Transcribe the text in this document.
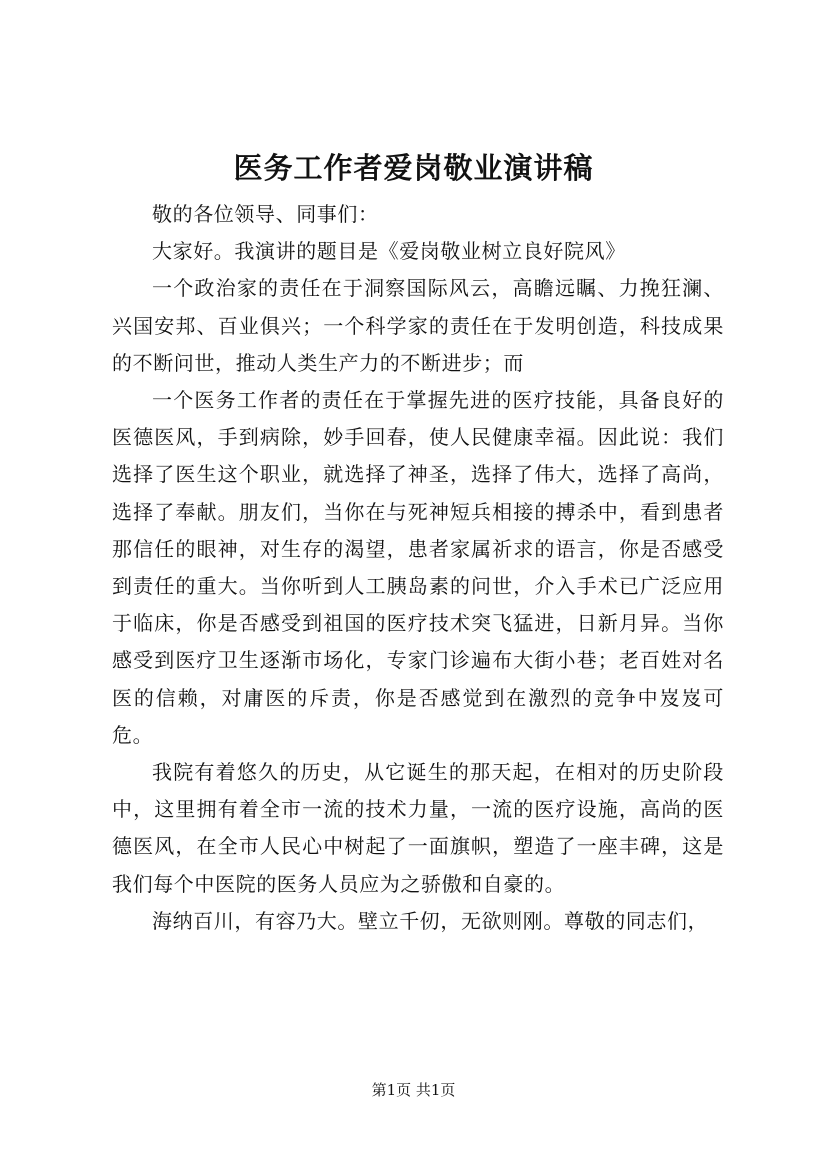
医务工作者爱岗敬业演讲稿

敬的各位领导、同事们：

大家好。我演讲的题目是《爱岗敬业树立良好院风》

一个政治家的责任在于洞察国际风云，高瞻远瞩、力挽狂澜、兴国安邦、百业俱兴；一个科学家的责任在于发明创造，科技成果的不断问世，推动人类生产力的不断进步；而

一个医务工作者的责任在于掌握先进的医疗技能，具备良好的医德医风，手到病除，妙手回春，使人民健康幸福。因此说：我们选择了医生这个职业，就选择了神圣，选择了伟大，选择了高尚，选择了奉献。朋友们，当你在与死神短兵相接的搏杀中，看到患者那信任的眼神，对生存的渴望，患者家属祈求的语言，你是否感受到责任的重大。当你听到人工胰岛素的问世，介入手术已广泛应用于临床，你是否感受到祖国的医疗技术突飞猛进，日新月异。当你感受到医疗卫生逐渐市场化，专家门诊遍布大街小巷；老百姓对名医的信赖，对庸医的斥责，你是否感觉到在激烈的竞争中岌岌可危。

我院有着悠久的历史，从它诞生的那天起，在相对的历史阶段中，这里拥有着全市一流的技术力量，一流的医疗设施，高尚的医德医风，在全市人民心中树起了一面旗帜，塑造了一座丰碑，这是我们每个中医院的医务人员应为之骄傲和自豪的。

海纳百川，有容乃大。壁立千仞，无欲则刚。尊敬的同志们，

第1页 共1页
